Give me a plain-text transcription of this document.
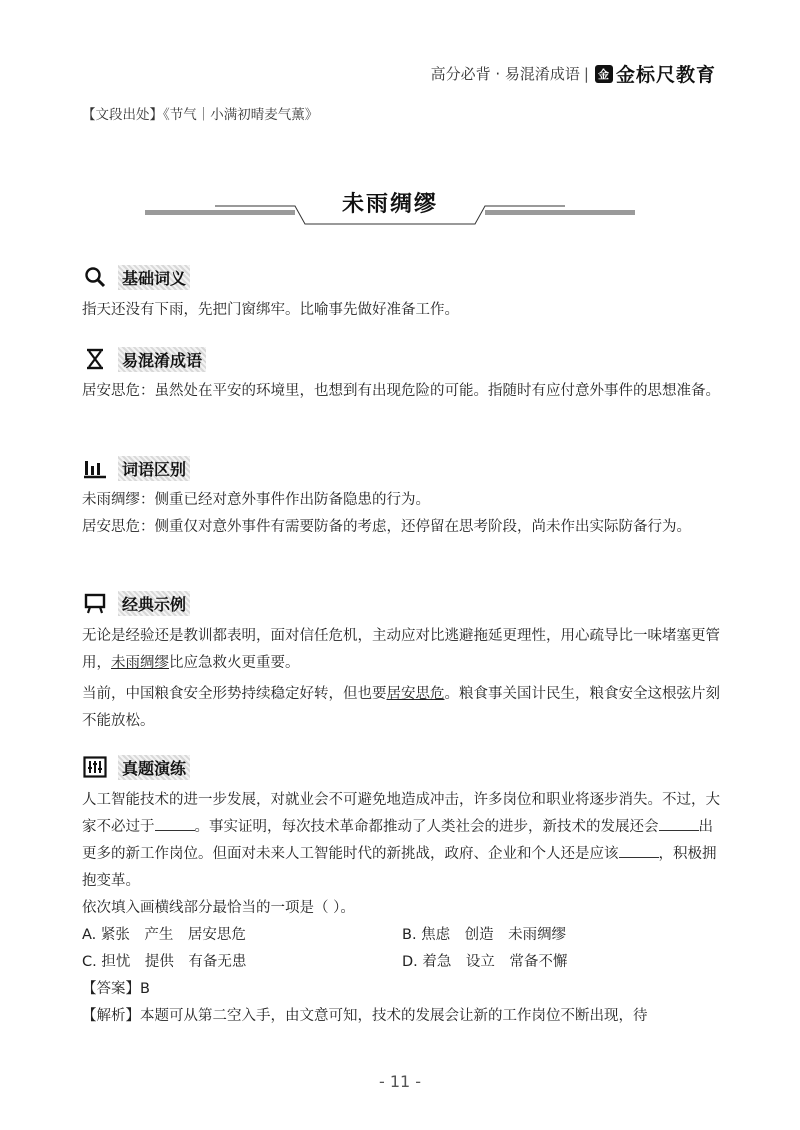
高分必背 · 易混淆成语 | 金 金标尺教育
【文段出处】《节气｜小满初晴麦气薰》
未雨绸缪
基础词义

指天还没有下雨，先把门窗绑牢。比喻事先做好准备工作。

易混淆成语

居安思危：虽然处在平安的环境里，也想到有出现危险的可能。指随时有应付意外事件的思想准备。

词语区别

未雨绸缪：侧重已经对意外事件作出防备隐患的行为。

居安思危：侧重仅对意外事件有需要防备的考虑，还停留在思考阶段，尚未作出实际防备行为。

经典示例

无论是经验还是教训都表明，面对信任危机，主动应对比逃避拖延更理性，用心疏导比一味堵塞更管用，未雨绸缪比应急救火更重要。

当前，中国粮食安全形势持续稳定好转，但也要居安思危。粮食事关国计民生，粮食安全这根弦片刻不能放松。

真题演练

人工智能技术的进一步发展，对就业会不可避免地造成冲击，许多岗位和职业将逐步消失。不过，大家不必过于	。事实证明，每次技术革命都推动了人类社会的进步，新技术的发展还会	出更多的新工作岗位。但面对未来人工智能时代的新挑战，政府、企业和个人还是应该	，积极拥抱变革。

依次填入画横线部分最恰当的一项是（ ）。

A. 紧张　产生　居安思危	B. 焦虑　创造　未雨绸缪
C. 担忧　提供　有备无患	D. 着急　设立　常备不懈

【答案】B

【解析】本题可从第二空入手，由文意可知，技术的发展会让新的工作岗位不断出现，待

- 11 -
